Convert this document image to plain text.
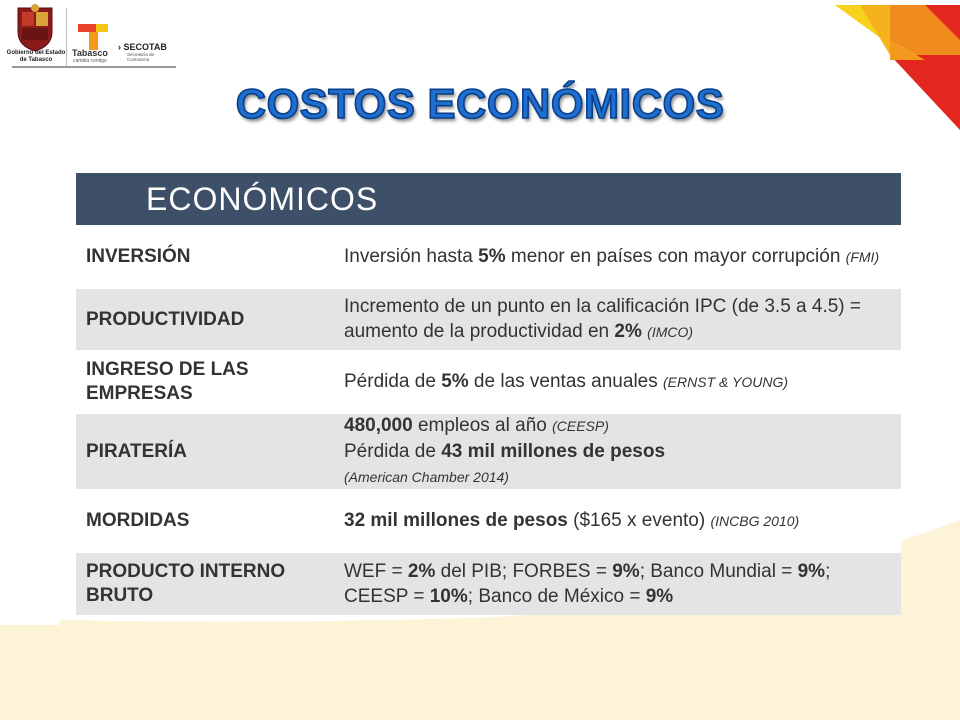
Gobierno del Estado de Tabasco
Tabasco
cambia contigo
› SECOTAB
Secretaría de Contraloría
COSTOS ECONÓMICOS
ECONÓMICOS
INVERSIÓN	Inversión hasta 5% menor en países con mayor corrupción (FMI)
PRODUCTIVIDAD
Incremento de un punto en la calificación IPC (de 3.5 a 4.5) = aumento de la productividad en 2% (IMCO)
INGRESO DE LAS EMPRESAS
Pérdida de 5% de las ventas anuales (ERNST & YOUNG)
PIRATERÍA
480,000 empleos al año (CEESP)
Pérdida de 43 mil millones de pesos
(American Chamber 2014)
MORDIDAS	32 mil millones de pesos ($165 x evento) (INCBG 2010)
PRODUCTO INTERNO BRUTO
WEF = 2% del PIB; FORBES = 9%; Banco Mundial = 9%; CEESP = 10%; Banco de México = 9%
